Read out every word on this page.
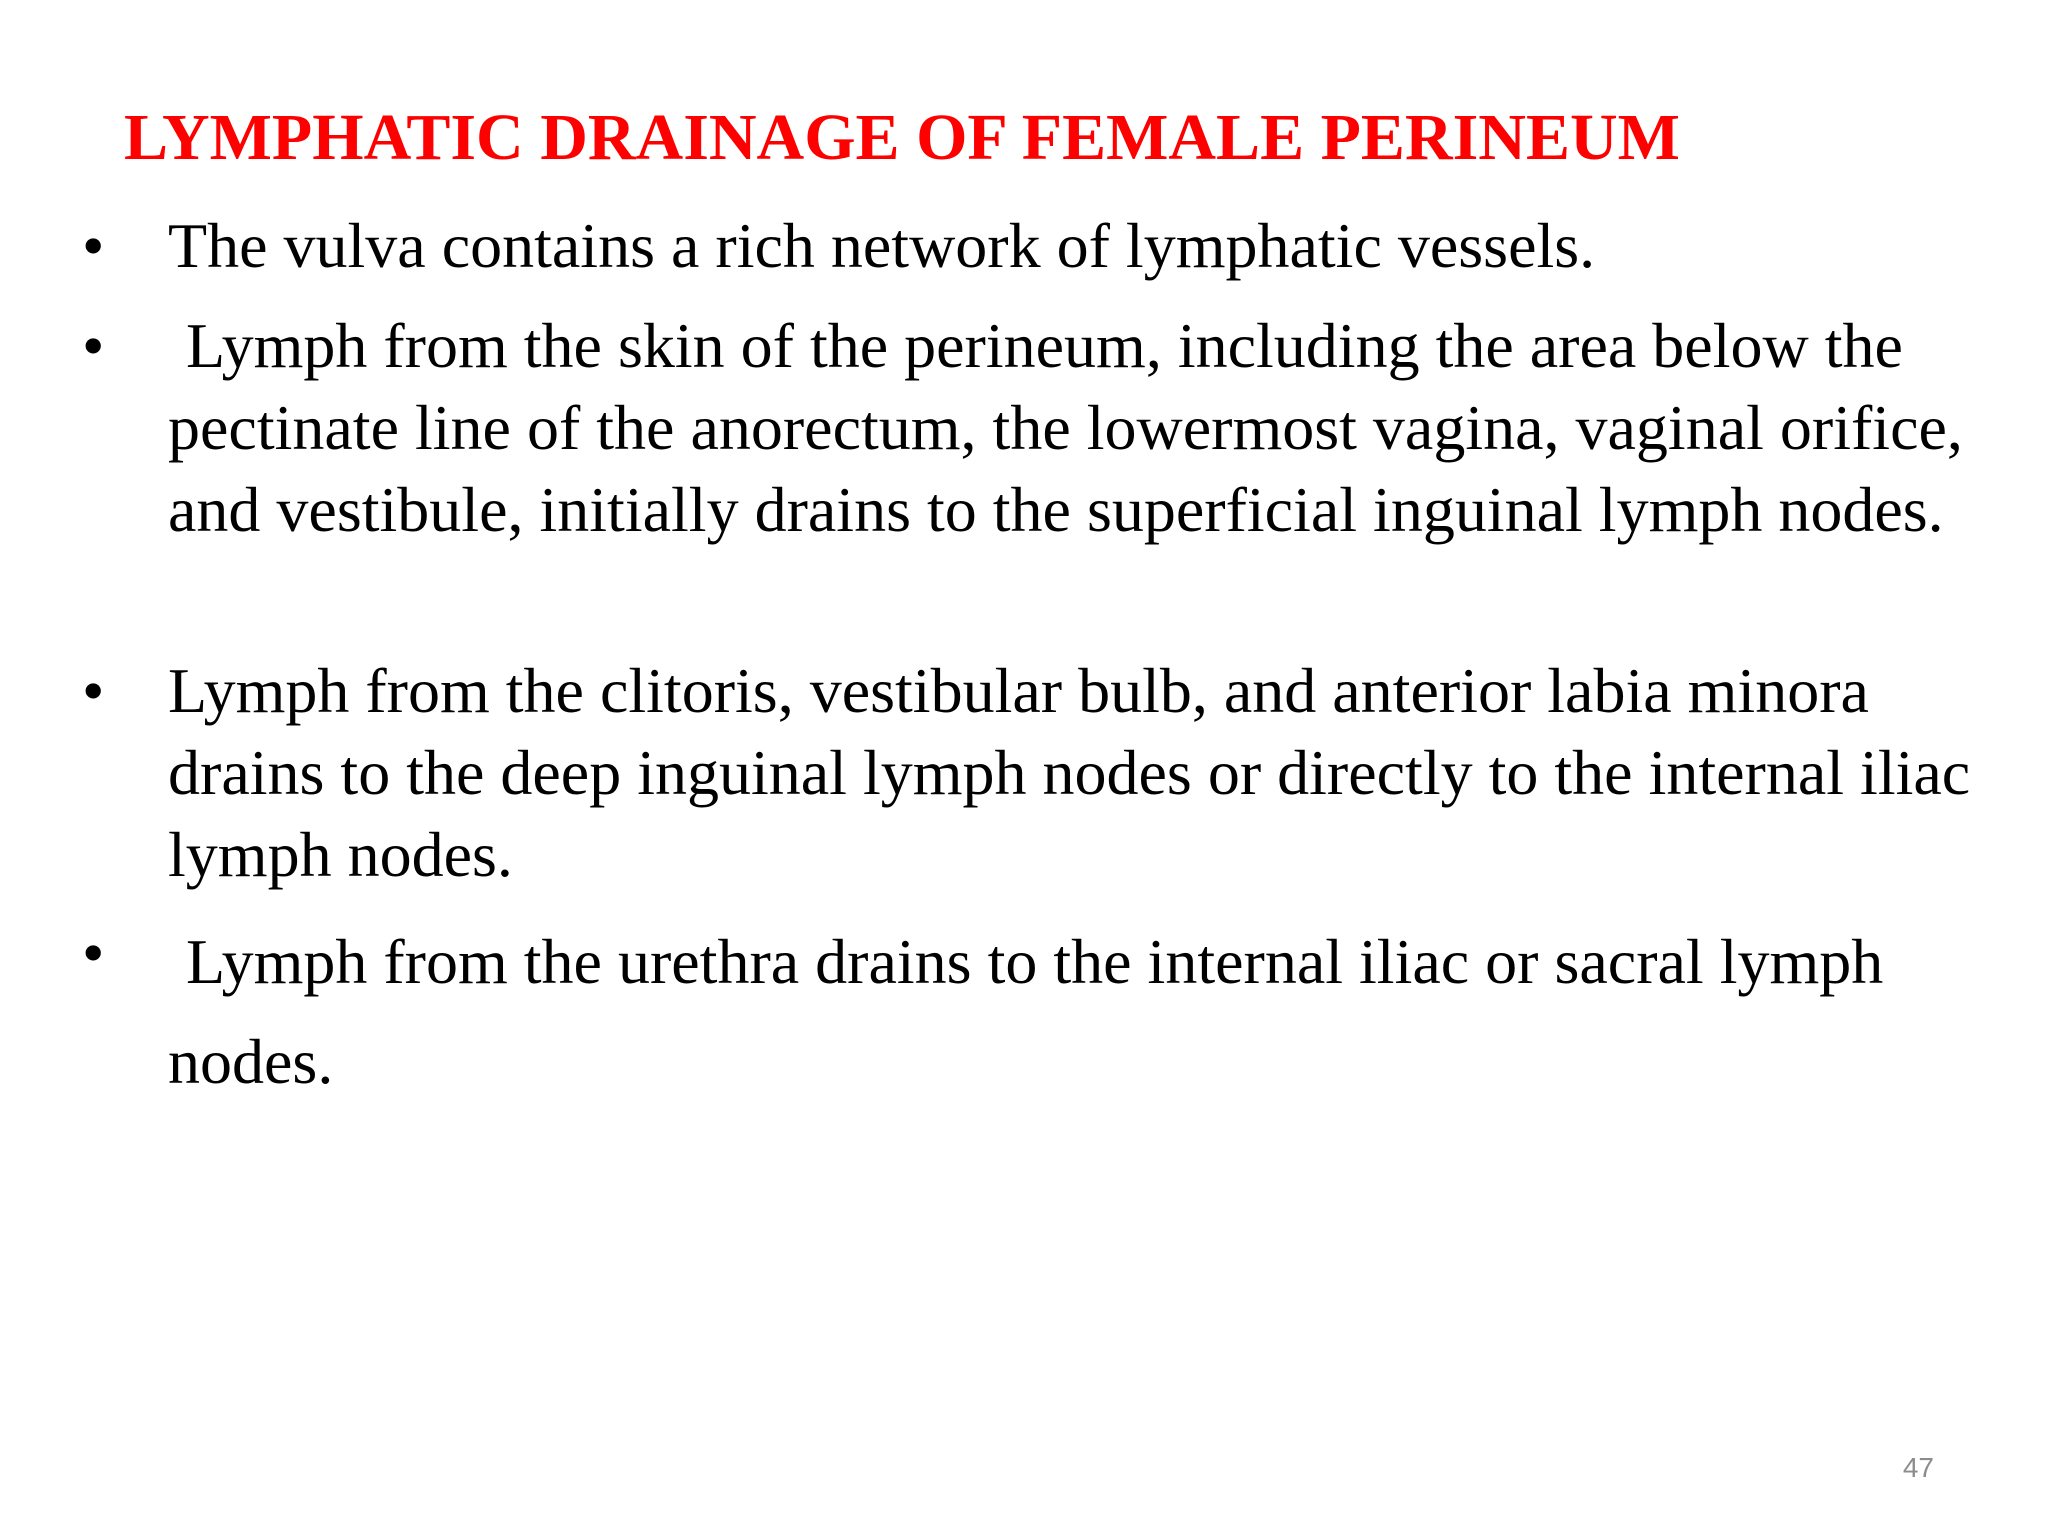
LYMPHATIC DRAINAGE OF FEMALE PERINEUM
• The vulva contains a rich network of lymphatic vessels.
• Lymph from the skin of the perineum, including the area below the pectinate line of the anorectum, the lowermost vagina, vaginal orifice, and vestibule, initially drains to the superficial inguinal lymph nodes.
• Lymph from the clitoris, vestibular bulb, and anterior labia minora drains to the deep inguinal lymph nodes or directly to the internal iliac lymph nodes.
• Lymph from the urethra drains to the internal iliac or sacral lymph nodes.
47
